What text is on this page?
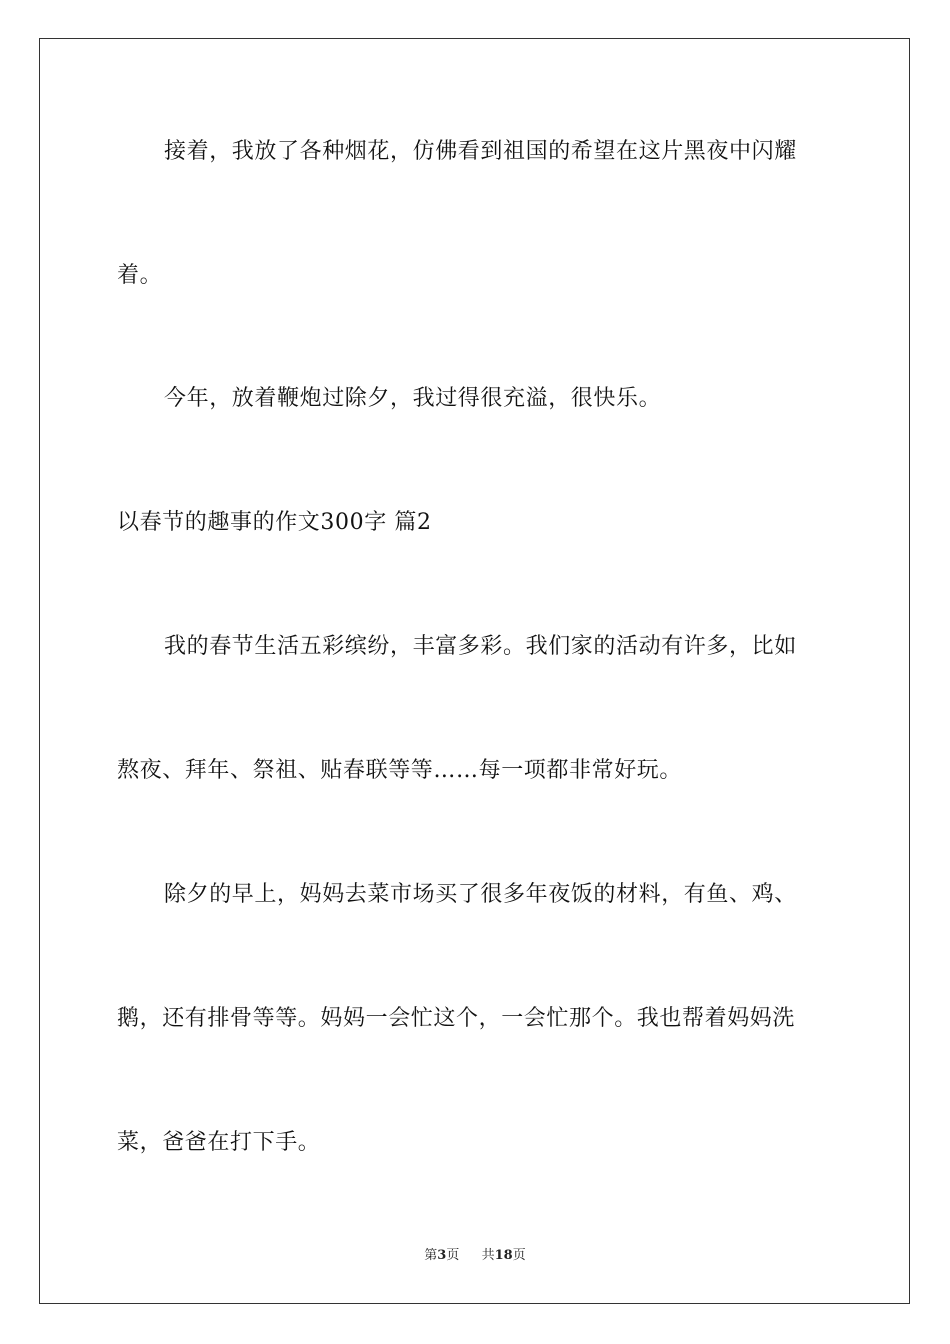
接着，我放了各种烟花，仿佛看到祖国的希望在这片黑夜中闪耀
着。
今年，放着鞭炮过除夕，我过得很充溢，很快乐。
以春节的趣事的作文300字 篇2
我的春节生活五彩缤纷，丰富多彩。我们家的活动有许多，比如
熬夜、拜年、祭祖、贴春联等等……每一项都非常好玩。
除夕的早上，妈妈去菜市场买了很多年夜饭的材料，有鱼、鸡、
鹅，还有排骨等等。妈妈一会忙这个，一会忙那个。我也帮着妈妈洗
菜，爸爸在打下手。
第3页 共18页
